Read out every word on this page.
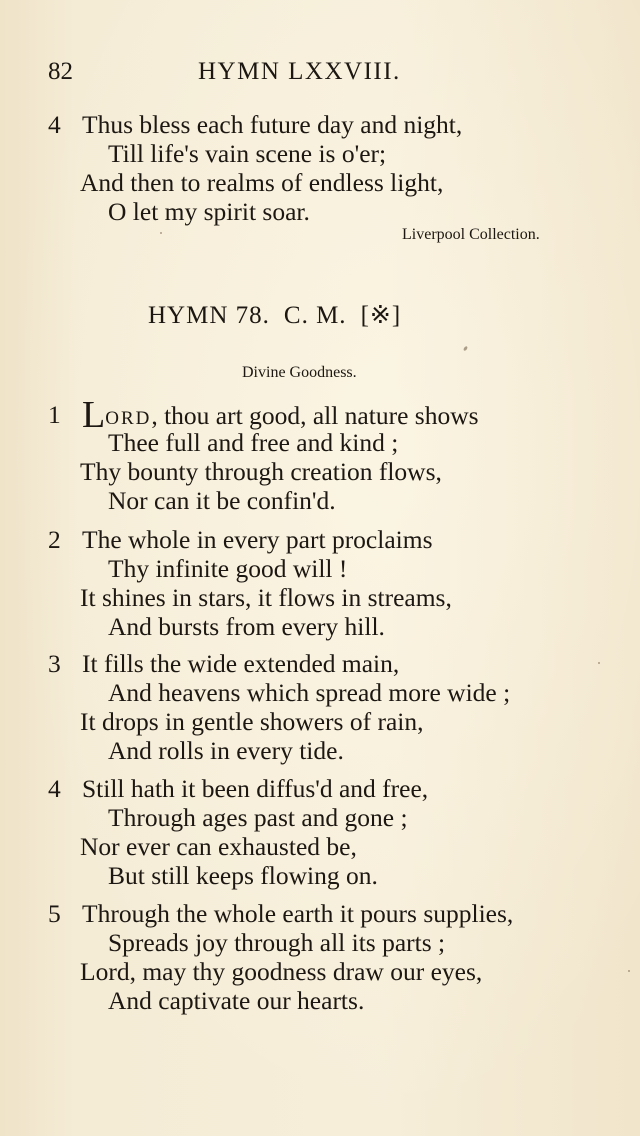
82	HYMN LXXVIII.
4 Thus bless each future day and night,
Till life's vain scene is o'er;
And then to realms of endless light,
O let my spirit soar.
Liverpool Collection.
HYMN 78. C. M. [※]
Divine Goodness.
1 LORD, thou art good, all nature shows
Thee full and free and kind ;
Thy bounty through creation flows,
Nor can it be confin'd.
2 The whole in every part proclaims
Thy infinite good will !
It shines in stars, it flows in streams,
And bursts from every hill.
3 It fills the wide extended main,
And heavens which spread more wide ;
It drops in gentle showers of rain,
And rolls in every tide.
4 Still hath it been diffus'd and free,
Through ages past and gone ;
Nor ever can exhausted be,
But still keeps flowing on.
5 Through the whole earth it pours supplies,
Spreads joy through all its parts ;
Lord, may thy goodness draw our eyes,
And captivate our hearts.
